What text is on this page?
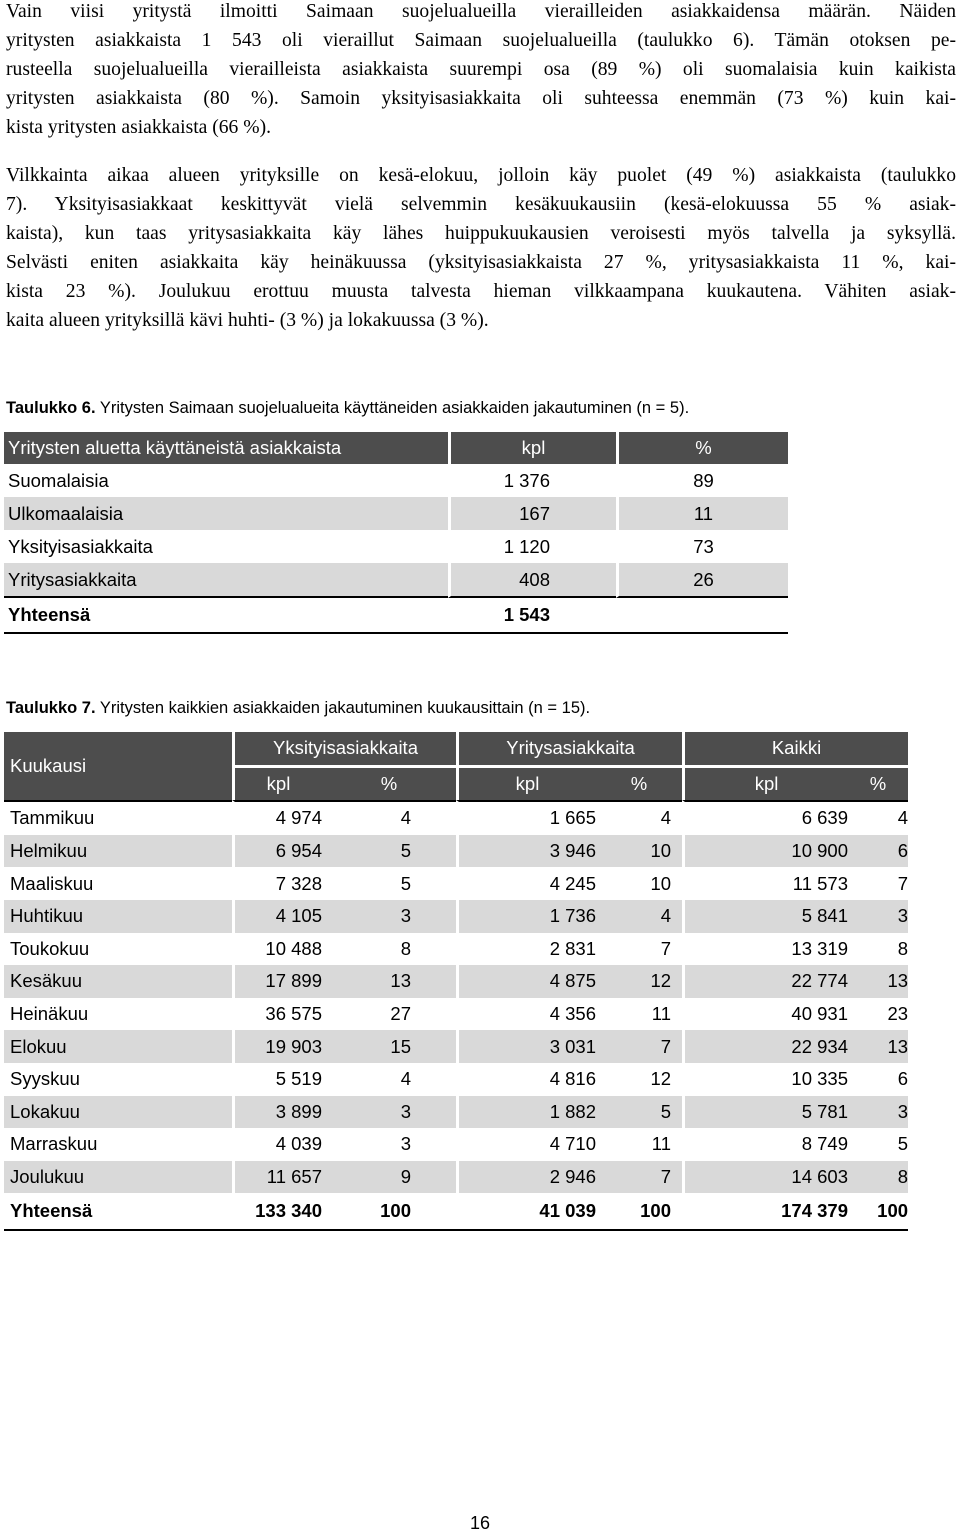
Vain viisi yritystä ilmoitti Saimaan suojelualueilla vierailleiden asiakkaidensa määrän. Näiden
yritysten asiakkaista 1 543 oli vieraillut Saimaan suojelualueilla (taulukko 6). Tämän otoksen pe-
rusteella suojelualueilla vierailleista asiakkaista suurempi osa (89 %) oli suomalaisia kuin kaikista
yritysten asiakkaista (80 %). Samoin yksityisasiakkaita oli suhteessa enemmän (73 %) kuin kai-
kista yritysten asiakkaista (66 %).
Vilkkainta aikaa alueen yrityksille on kesä-elokuu, jolloin käy puolet (49 %) asiakkaista (taulukko
7). Yksityisasiakkaat keskittyvät vielä selvemmin kesäkuukausiin (kesä-elokuussa 55 % asiak-
kaista), kun taas yritysasiakkaita käy lähes huippukuukausien veroisesti myös talvella ja syksyllä.
Selvästi eniten asiakkaita käy heinäkuussa (yksityisasiakkaista 27 %, yritysasiakkaista 11 %, kai-
kista 23 %). Joulukuu erottuu muusta talvesta hieman vilkkaampana kuukautena. Vähiten asiak-
kaita alueen yrityksillä kävi huhti- (3 %) ja lokakuussa (3 %).

Taulukko 6. Yritysten Saimaan suojelualueita käyttäneiden asiakkaiden jakautuminen (n = 5).

Yritysten aluetta käyttäneistä asiakkaista	kpl	%
Suomalaisia	1 376	89
Ulkomaalaisia	167	11
Yksityisasiakkaita	1 120	73
Yritysasiakkaita	408	26
Yhteensä	1 543	

Taulukko 7. Yritysten kaikkien asiakkaiden jakautuminen kuukausittain (n = 15).

Kuukausi	Yksityisasiakkaita		Yritysasiakkaita		Kaikki	
	kpl	%	kpl	%	kpl	%
Tammikuu	4 974	4	1 665	4	6 639	4
Helmikuu	6 954	5	3 946	10	10 900	6
Maaliskuu	7 328	5	4 245	10	11 573	7
Huhtikuu	4 105	3	1 736	4	5 841	3
Toukokuu	10 488	8	2 831	7	13 319	8
Kesäkuu	17 899	13	4 875	12	22 774	13
Heinäkuu	36 575	27	4 356	11	40 931	23
Elokuu	19 903	15	3 031	7	22 934	13
Syyskuu	5 519	4	4 816	12	10 335	6
Lokakuu	3 899	3	1 882	5	5 781	3
Marraskuu	4 039	3	4 710	11	8 749	5
Joulukuu	11 657	9	2 946	7	14 603	8
Yhteensä	133 340	100	41 039	100	174 379	100
16
